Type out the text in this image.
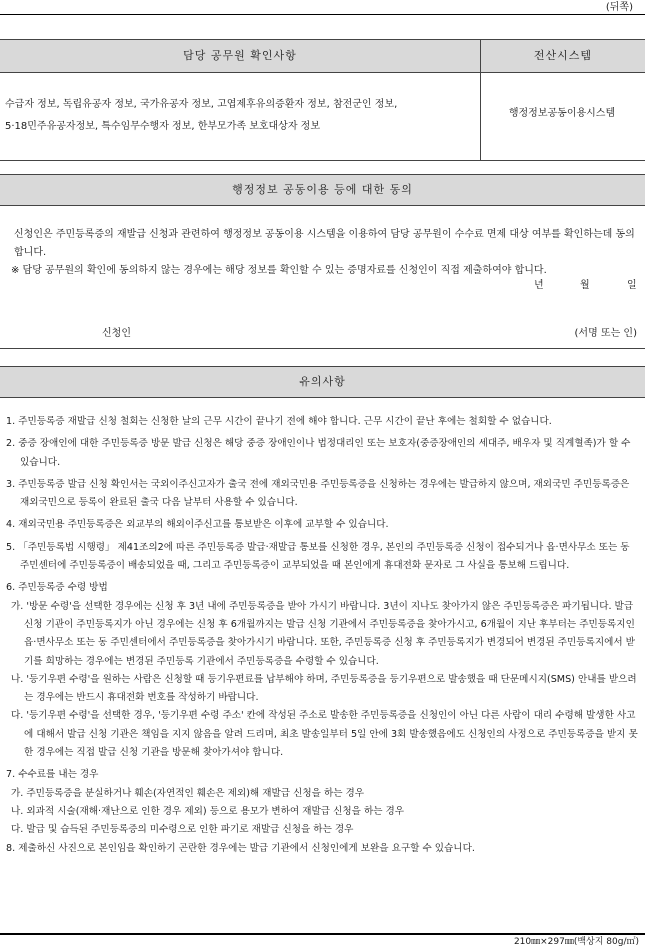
(뒤쪽)
담당 공무원 확인사항	전산시스템
수급자 정보, 독립유공자 정보, 국가유공자 정보, 고엽제후유의증환자 정보, 참전군인 정보,
5·18민주유공자정보, 특수임무수행자 정보, 한부모가족 보호대상자 정보
행정정보공동이용시스템
행정정보 공동이용 등에 대한 동의
신청인은 주민등록증의 재발급 신청과 관련하여 행정정보 공동이용 시스템을 이용하여 담당 공무원이 수수료 면제 대상 여부를 확인하는데 동의합니다.
※ 담당 공무원의 확인에 동의하지 않는 경우에는 해당 정보를 확인할 수 있는 증명자료를 신청인이 직접 제출하여야 합니다.
년	월	일
신청인	(서명 또는 인)
유의사항

1. 주민등록증 재발급 신청 철회는 신청한 날의 근무 시간이 끝나기 전에 해야 합니다. 근무 시간이 끝난 후에는 철회할 수 없습니다.

2. 중증 장애인에 대한 주민등록증 방문 발급 신청은 해당 중증 장애인이나 법정대리인 또는 보호자(중증장애인의 세대주, 배우자 및 직계혈족)가 할 수 있습니다.

3. 주민등록증 발급 신청 확인서는 국외이주신고자가 출국 전에 재외국민용 주민등록증을 신청하는 경우에는 발급하지 않으며, 재외국민 주민등록증은 재외국민으로 등록이 완료된 출국 다음 날부터 사용할 수 있습니다.

4. 재외국민용 주민등록증은 외교부의 해외이주신고를 통보받은 이후에 교부할 수 있습니다.

5. 「주민등록법 시행령」 제41조의2에 따른 주민등록증 발급·재발급 통보를 신청한 경우, 본인의 주민등록증 신청이 접수되거나 읍·면사무소 또는 동 주민센터에 주민등록증이 배송되었을 때, 그리고 주민등록증이 교부되었을 때 본인에게 휴대전화 문자로 그 사실을 통보해 드립니다.

6. 주민등록증 수령 방법

가. '방문 수령'을 선택한 경우에는 신청 후 3년 내에 주민등록증을 받아 가시기 바랍니다. 3년이 지나도 찾아가지 않은 주민등록증은 파기됩니다. 발급 신청 기관이 주민등록지가 아닌 경우에는 신청 후 6개월까지는 발급 신청 기관에서 주민등록증을 찾아가시고, 6개월이 지난 후부터는 주민등록지인 읍·면사무소 또는 동 주민센터에서 주민등록증을 찾아가시기 바랍니다. 또한, 주민등록증 신청 후 주민등록지가 변경되어 변경된 주민등록지에서 받기를 희망하는 경우에는 변경된 주민등록 기관에서 주민등록증을 수령할 수 있습니다.

나. '등기우편 수령'을 원하는 사람은 신청할 때 등기우편료를 납부해야 하며, 주민등록증을 등기우편으로 발송했을 때 단문메시지(SMS) 안내를 받으려는 경우에는 반드시 휴대전화 번호를 작성하기 바랍니다.

다. '등기우편 수령'을 선택한 경우, '등기우편 수령 주소' 칸에 작성된 주소로 발송한 주민등록증을 신청인이 아닌 다른 사람이 대리 수령해 발생한 사고에 대해서 발급 신청 기관은 책임을 지지 않음을 알려 드리며, 최초 발송일부터 5일 안에 3회 발송했음에도 신청인의 사정으로 주민등록증을 받지 못한 경우에는 직접 발급 신청 기관을 방문해 찾아가셔야 합니다.

7. 수수료를 내는 경우

가. 주민등록증을 분실하거나 훼손(자연적인 훼손은 제외)해 재발급 신청을 하는 경우

나. 외과적 시술(재해·재난으로 인한 경우 제외) 등으로 용모가 변하여 재발급 신청을 하는 경우

다. 발급 및 습득된 주민등록증의 미수령으로 인한 파기로 재발급 신청을 하는 경우

8. 제출하신 사진으로 본인임을 확인하기 곤란한 경우에는 발급 기관에서 신청인에게 보완을 요구할 수 있습니다.

210㎜×297㎜(백상지 80g/㎡)
